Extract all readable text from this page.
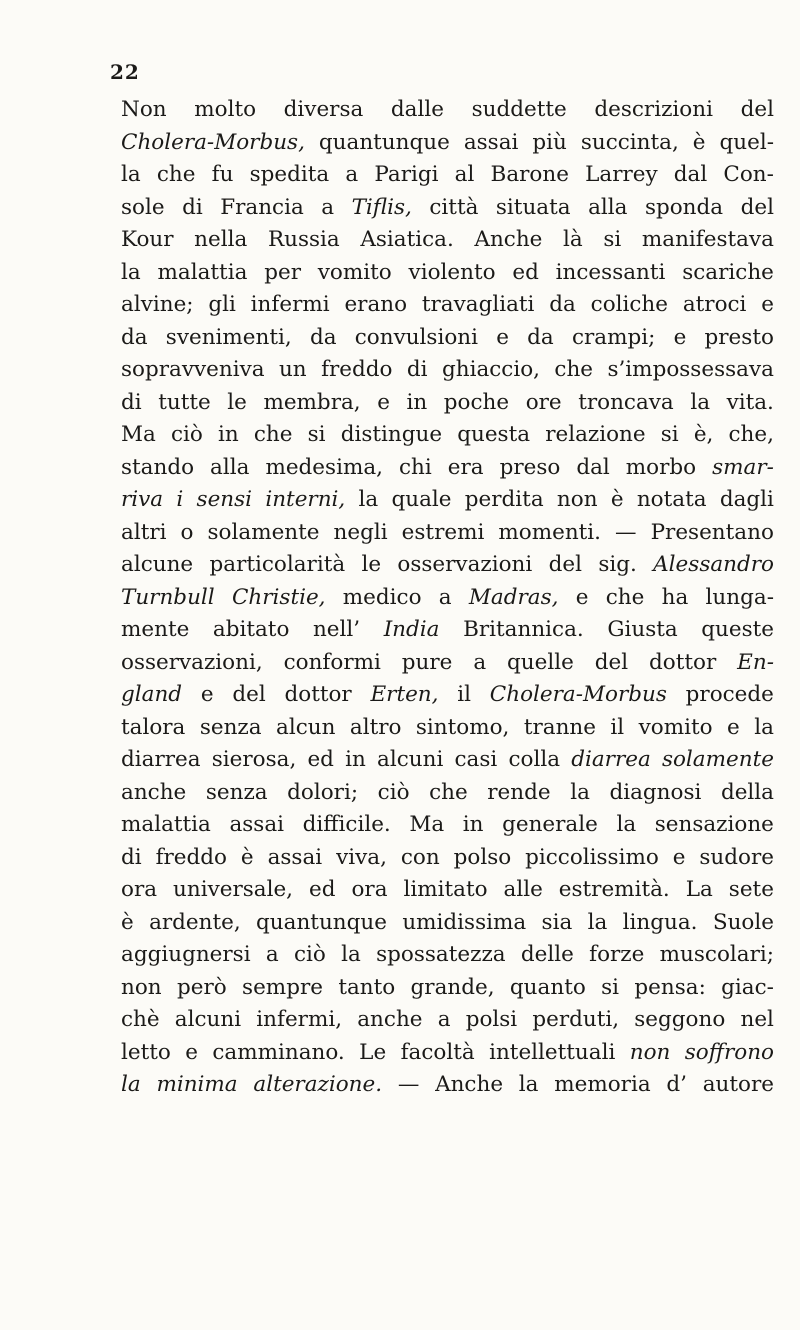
22
Non molto diversa dalle suddette descrizioni del
Cholera-Morbus, quantunque assai più succinta, è quel-
la che fu spedita a Parigi al Barone Larrey dal Con-
sole di Francia a Tiflis, città situata alla sponda del
Kour nella Russia Asiatica. Anche là si manifestava
la malattia per vomito violento ed incessanti scariche
alvine; gli infermi erano travagliati da coliche atroci e
da svenimenti, da convulsioni e da crampi; e presto
sopravveniva un freddo di ghiaccio, che s’impossessava
di tutte le membra, e in poche ore troncava la vita.
Ma ciò in che si distingue questa relazione si è, che,
stando alla medesima, chi era preso dal morbo smar-
riva i sensi interni, la quale perdita non è notata dagli
altri o solamente negli estremi momenti. — Presentano
alcune particolarità le osservazioni del sig. Alessandro
Turnbull Christie, medico a Madras, e che ha lunga-
mente abitato nell’ India Britannica. Giusta queste
osservazioni, conformi pure a quelle del dottor En-
gland e del dottor Erten, il Cholera-Morbus procede
talora senza alcun altro sintomo, tranne il vomito e la
diarrea sierosa, ed in alcuni casi colla diarrea solamente
anche senza dolori; ciò che rende la diagnosi della
malattia assai difficile. Ma in generale la sensazione
di freddo è assai viva, con polso piccolissimo e sudore
ora universale, ed ora limitato alle estremità. La sete
è ardente, quantunque umidissima sia la lingua. Suole
aggiugnersi a ciò la spossatezza delle forze muscolari;
non però sempre tanto grande, quanto si pensa: giac-
chè alcuni infermi, anche a polsi perduti, seggono nel
letto e camminano. Le facoltà intellettuali non soffrono
la minima alterazione. — Anche la memoria d’ autore
